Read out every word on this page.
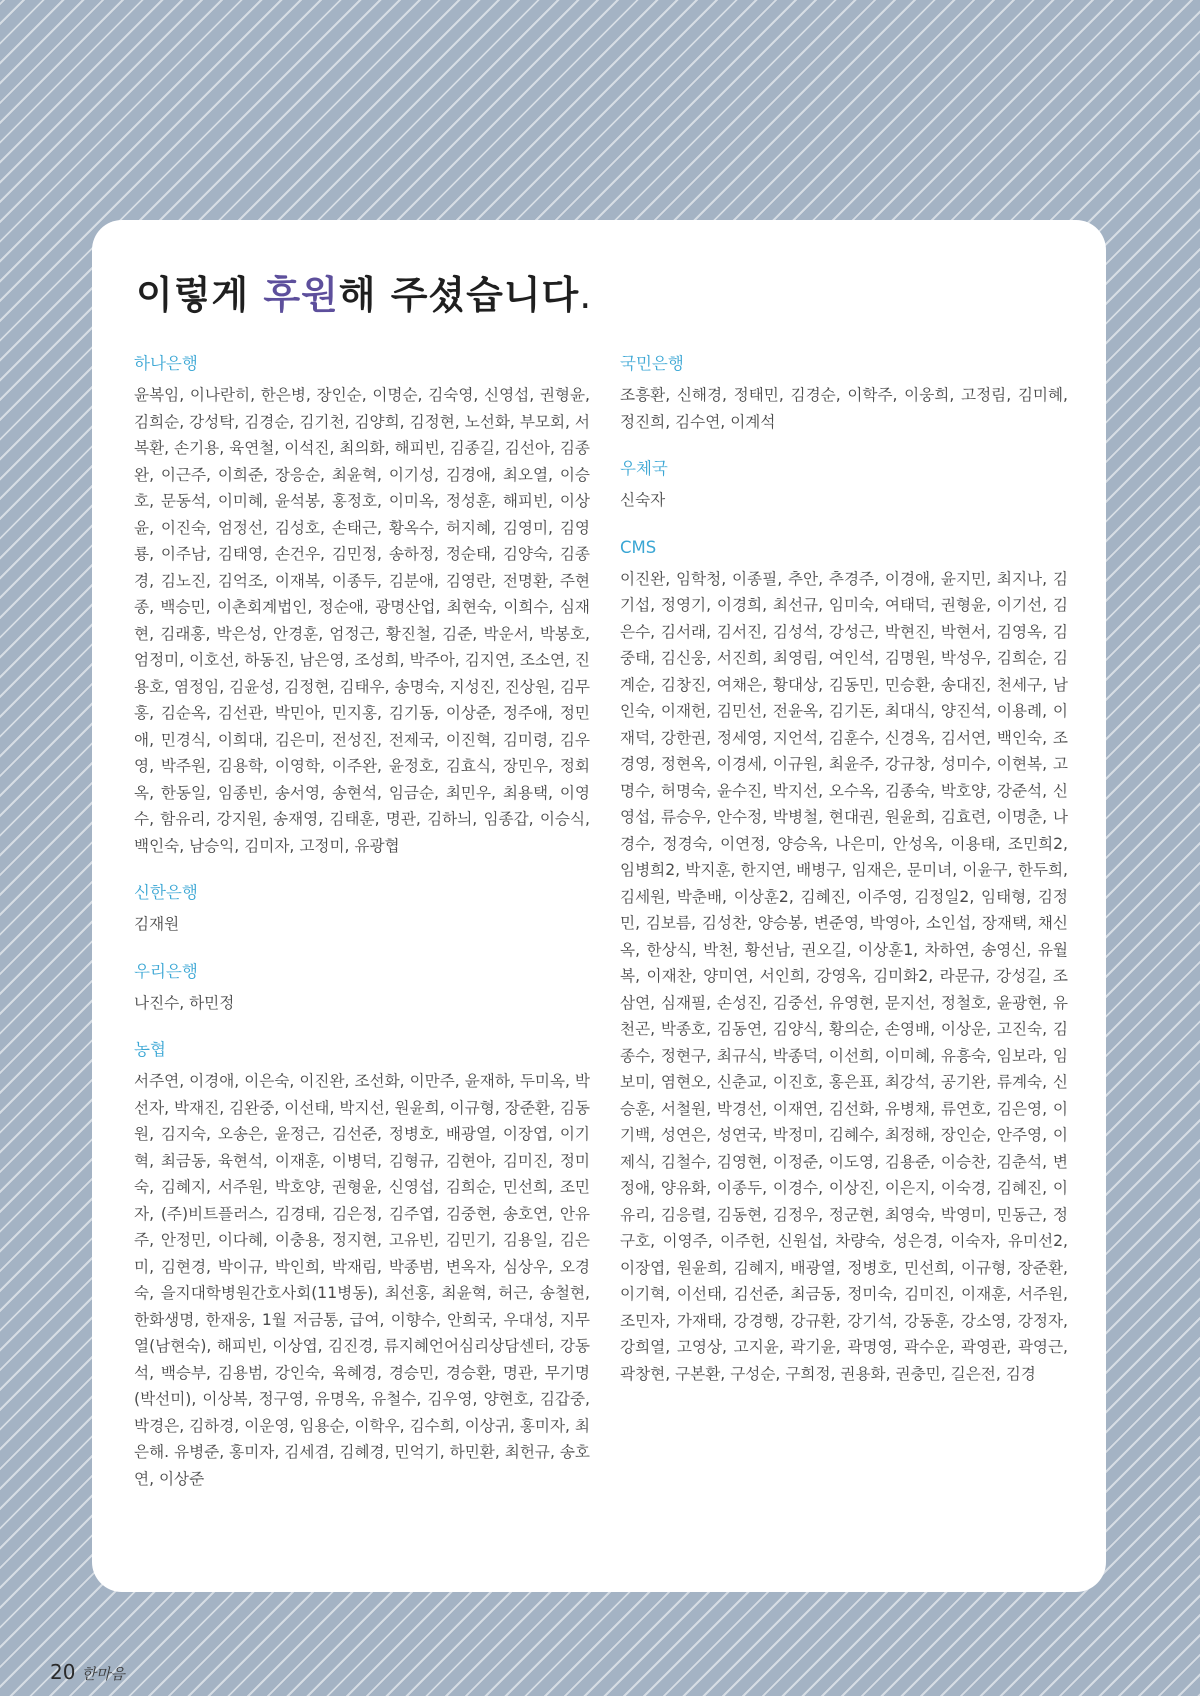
이렇게 후원해 주셨습니다.
하나은행

윤복임, 이나란히, 한은병, 장인순, 이명순, 김숙영, 신영섭, 권형윤, 김희순, 강성탁, 김경순, 김기천, 김양희, 김정현, 노선화, 부모회, 서복환, 손기용, 육연철, 이석진, 최의화, 해피빈, 김종길, 김선아, 김종완, 이근주, 이희준, 장응순, 최윤혁, 이기성, 김경애, 최오열, 이승호, 문동석, 이미혜, 윤석봉, 홍정호, 이미옥, 정성훈, 해피빈, 이상윤, 이진숙, 엄정선, 김성호, 손태근, 황옥수, 허지혜, 김영미, 김영룡, 이주남, 김태영, 손건우, 김민정, 송하정, 정순태, 김양숙, 김종경, 김노진, 김억조, 이재복, 이종두, 김분애, 김영란, 전명환, 주현종, 백승민, 이촌회계법인, 정순애, 광명산업, 최현숙, 이희수, 심재현, 김래홍, 박은성, 안경훈, 엄정근, 황진철, 김준, 박운서, 박봉호, 엄정미, 이호선, 하동진, 남은영, 조성희, 박주아, 김지연, 조소연, 진용호, 염정임, 김윤성, 김정현, 김태우, 송명숙, 지성진, 진상원, 김무홍, 김순옥, 김선관, 박민아, 민지홍, 김기동, 이상준, 정주애, 정민애, 민경식, 이희대, 김은미, 전성진, 전제국, 이진혁, 김미령, 김우영, 박주원, 김용학, 이영학, 이주완, 윤정호, 김효식, 장민우, 정회옥, 한동일, 임종빈, 송서영, 송현석, 임금순, 최민우, 최용택, 이영수, 함유리, 강지원, 송재영, 김태훈, 명관, 김하늬, 임종갑, 이승식, 백인숙, 남승익, 김미자, 고정미, 유광협

신한은행

김재원

우리은행

나진수, 하민정

농협

서주연, 이경애, 이은숙, 이진완, 조선화, 이만주, 윤재하, 두미옥, 박선자, 박재진, 김완중, 이선태, 박지선, 원윤희, 이규형, 장준환, 김동원, 김지숙, 오송은, 윤정근, 김선준, 정병호, 배광열, 이장엽, 이기혁, 최금동, 육현석, 이재훈, 이병덕, 김형규, 김현아, 김미진, 정미숙, 김혜지, 서주원, 박호양, 권형윤, 신영섭, 김희순, 민선희, 조민자, (주)비트플러스, 김경태, 김은정, 김주엽, 김중현, 송호연, 안유주, 안정민, 이다혜, 이충용, 정지현, 고유빈, 김민기, 김용일, 김은미, 김현경, 박이규, 박인희, 박재림, 박종범, 변옥자, 심상우, 오경숙, 을지대학병원간호사회(11병동), 최선홍, 최윤혁, 허근, 송철현, 한화생명, 한재웅, 1월 저금통, 급여, 이향수, 안희국, 우대성, 지무열(남현숙), 해피빈, 이상엽, 김진경, 류지혜언어심리상담센터, 강동석, 백승부, 김용범, 강인숙, 육혜경, 경승민, 경승환, 명관, 무기명(박선미), 이상복, 정구영, 유명옥, 유철수, 김우영, 양현호, 김갑중, 박경은, 김하경, 이운영, 임용순, 이학우, 김수희, 이상귀, 홍미자, 최은해. 유병준, 홍미자, 김세겸, 김혜경, 민억기, 하민환, 최헌규, 송호연, 이상준

국민은행

조흥환, 신해경, 정태민, 김경순, 이학주, 이웅희, 고정림, 김미혜, 정진희, 김수연, 이계석

우체국

신숙자

CMS

이진완, 임학청, 이종필, 추안, 추경주, 이경애, 윤지민, 최지나, 김기섭, 정영기, 이경희, 최선규, 임미숙, 여태덕, 권형윤, 이기선, 김은수, 김서래, 김서진, 김성석, 강성근, 박현진, 박현서, 김영옥, 김중태, 김신웅, 서진희, 최영림, 여인석, 김명원, 박성우, 김희순, 김계순, 김창진, 여채은, 황대상, 김동민, 민승환, 송대진, 천세구, 남인숙, 이재헌, 김민선, 전윤옥, 김기돈, 최대식, 양진석, 이용례, 이재덕, 강한권, 정세영, 지언석, 김훈수, 신경옥, 김서연, 백인숙, 조경영, 정현옥, 이경세, 이규원, 최윤주, 강규창, 성미수, 이현복, 고명수, 허명숙, 윤수진, 박지선, 오수옥, 김종숙, 박호양, 강준석, 신영섭, 류승우, 안수정, 박병철, 현대권, 원윤희, 김효련, 이명춘, 나경수, 정경숙, 이연정, 양승옥, 나은미, 안성옥, 이용태, 조민희2, 임병희2, 박지훈, 한지연, 배병구, 임재은, 문미녀, 이윤구, 한두희, 김세원, 박춘배, 이상훈2, 김혜진, 이주영, 김정일2, 임태형, 김정민, 김보름, 김성찬, 양승봉, 변준영, 박영아, 소인섭, 장재택, 채신옥, 한상식, 박천, 황선남, 권오길, 이상훈1, 차하연, 송영신, 유월복, 이재찬, 양미연, 서인희, 강영옥, 김미화2, 라문규, 강성길, 조삼연, 심재필, 손성진, 김중선, 유영현, 문지선, 정철호, 윤광현, 유천곤, 박종호, 김동연, 김양식, 황의순, 손영배, 이상운, 고진숙, 김종수, 정현구, 최규식, 박종덕, 이선희, 이미혜, 유흥숙, 임보라, 임보미, 염현오, 신춘교, 이진호, 홍은표, 최강석, 공기완, 류계숙, 신승훈, 서철원, 박경선, 이재연, 김선화, 유병채, 류연호, 김은영, 이기백, 성연은, 성연국, 박정미, 김혜수, 최정해, 장인순, 안주영, 이제식, 김철수, 김영현, 이정준, 이도영, 김용준, 이승찬, 김춘석, 변정애, 양유화, 이종두, 이경수, 이상진, 이은지, 이숙경, 김혜진, 이유리, 김응렬, 김동현, 김정우, 정군현, 최영숙, 박영미, 민동근, 정구호, 이영주, 이주헌, 신원섭, 차량숙, 성은경, 이숙자, 유미선2, 이장엽, 원윤희, 김혜지, 배광열, 정병호, 민선희, 이규형, 장준환, 이기혁, 이선태, 김선준, 최금동, 정미숙, 김미진, 이재훈, 서주원, 조민자, 가재태, 강경행, 강규환, 강기석, 강동훈, 강소영, 강정자, 강희열, 고영상, 고지윤, 곽기윤, 곽명영, 곽수운, 곽영관, 곽영근, 곽창현, 구본환, 구성순, 구희정, 권용화, 권충민, 길은전, 김경

20 한마음
